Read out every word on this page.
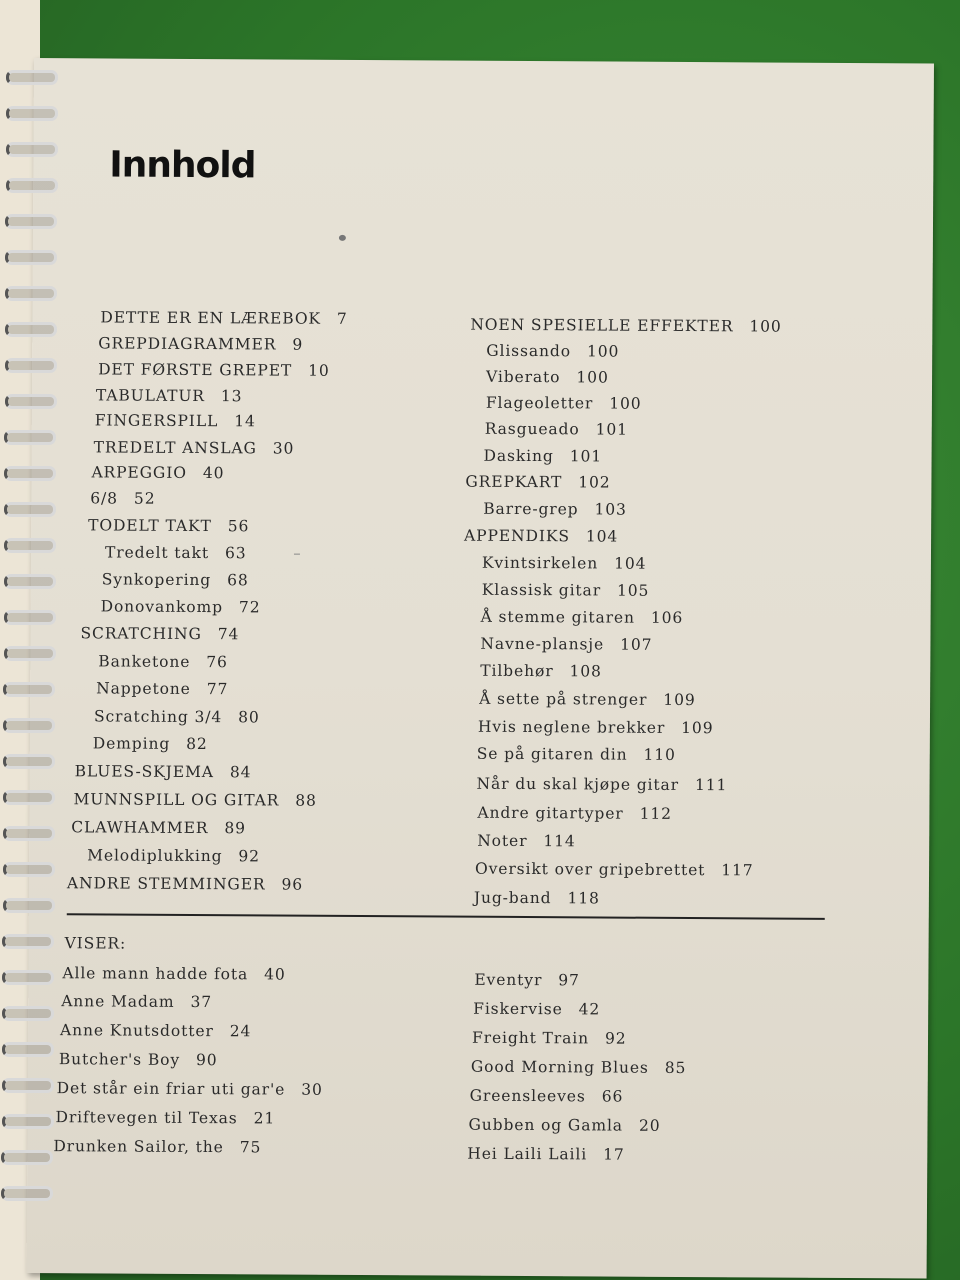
Innhold
DETTE ER EN LÆREBOK 7
GREPDIAGRAMMER 9
DET FØRSTE GREPET 10
TABULATUR 13
FINGERSPILL 14
TREDELT ANSLAG 30
ARPEGGIO 40
6/8 52
TODELT TAKT 56
Tredelt takt 63
Synkopering 68
Donovankomp 72
SCRATCHING 74
Banketone 76
Nappetone 77
Scratching 3/4 80
Demping 82
BLUES-SKJEMA 84
MUNNSPILL OG GITAR 88
CLAWHAMMER 89
Melodiplukking 92
ANDRE STEMMINGER 96
NOEN SPESIELLE EFFEKTER 100
Glissando 100
Viberato 100
Flageoletter 100
Rasgueado 101
Dasking 101
GREPKART 102
Barre-grep 103
APPENDIKS 104
Kvintsirkelen 104
Klassisk gitar 105
Å stemme gitaren 106
Navne-plansje 107
Tilbehør 108
Å sette på strenger 109
Hvis neglene brekker 109
Se på gitaren din 110
Når du skal kjøpe gitar 111
Andre gitartyper 112
Noter 114
Oversikt over gripebrettet 117
Jug-band 118
VISER:
Alle mann hadde fota 40
Anne Madam 37
Anne Knutsdotter 24
Butcher's Boy 90
Det står ein friar uti gar'e 30
Driftevegen til Texas 21
Drunken Sailor, the 75
Eventyr 97
Fiskervise 42
Freight Train 92
Good Morning Blues 85
Greensleeves 66
Gubben og Gamla 20
Hei Laili Laili 17
